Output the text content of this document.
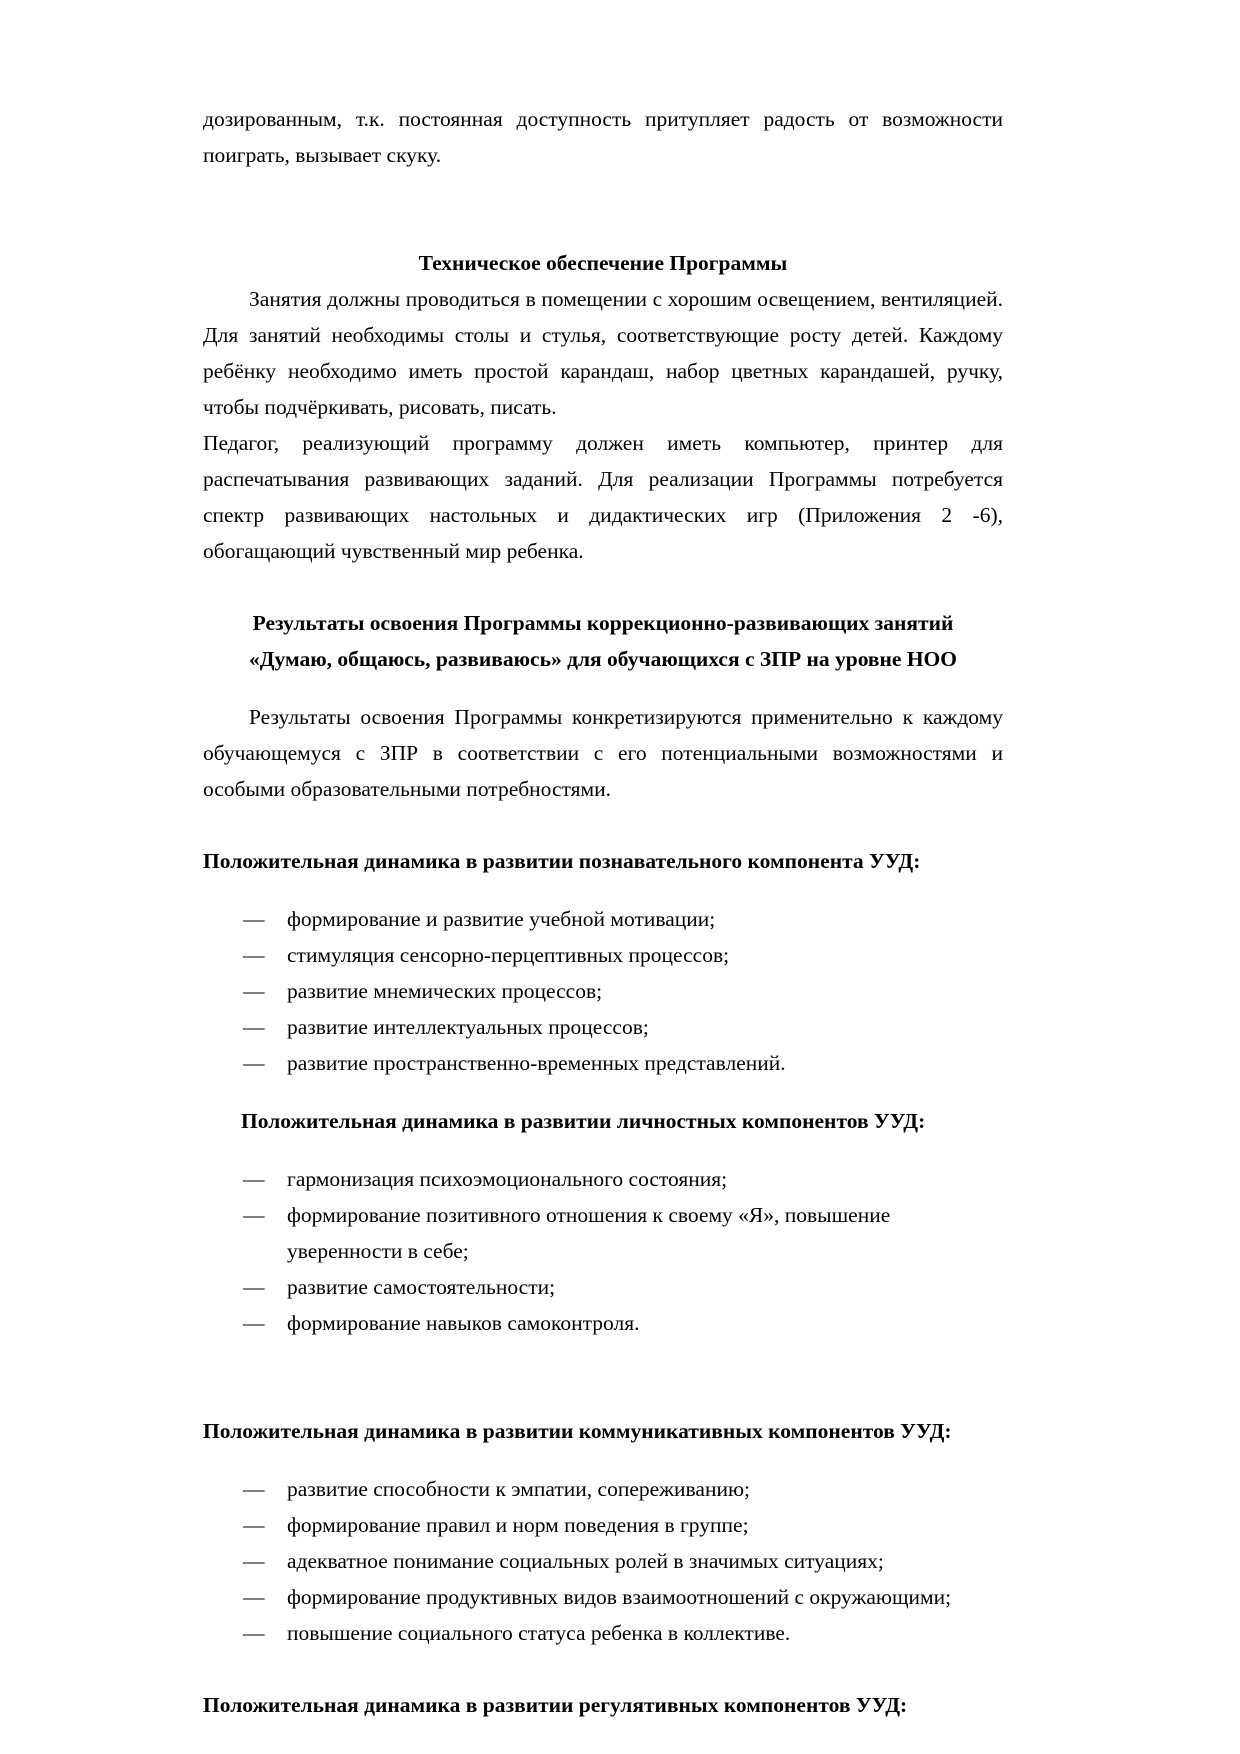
дозированным, т.к. постоянная доступность притупляет радость от возможности поиграть, вызывает скуку.

Техническое обеспечение Программы

Занятия должны проводиться в помещении с хорошим освещением, вентиляцией. Для занятий необходимы столы и стулья, соответствующие росту детей. Каждому ребёнку необходимо иметь простой карандаш, набор цветных карандашей, ручку, чтобы подчёркивать, рисовать, писать.

Педагог, реализующий программу должен иметь компьютер, принтер для распечатывания развивающих заданий. Для реализации Программы потребуется спектр развивающих настольных и дидактических игр (Приложения 2 -6), обогащающий чувственный мир ребенка.

Результаты освоения Программы коррекционно-развивающих занятий
«Думаю, общаюсь, развиваюсь» для обучающихся с ЗПР на уровне НОО

Результаты освоения Программы конкретизируются применительно к каждому обучающемуся с ЗПР в соответствии с его потенциальными возможностями и особыми образовательными потребностями.

Положительная динамика в развитии познавательного компонента УУД:
—	формирование и развитие учебной мотивации;
—	стимуляция сенсорно-перцептивных процессов;
—	развитие мнемических процессов;
—	развитие интеллектуальных процессов;
—	развитие пространственно-временных представлений.
Положительная динамика в развитии личностных компонентов УУД:
—	гармонизация психоэмоционального состояния;
—	формирование позитивного отношения к своему «Я», повышение уверенности в себе;
—	развитие самостоятельности;
—	формирование навыков самоконтроля.
Положительная динамика в развитии коммуникативных компонентов УУД:
—	развитие способности к эмпатии, сопереживанию;
—	формирование правил и норм поведения в группе;
—	адекватное понимание социальных ролей в значимых ситуациях;
—	формирование продуктивных видов взаимоотношений с окружающими;
—	повышение социального статуса ребенка в коллективе.
Положительная динамика в развитии регулятивных компонентов УУД:
